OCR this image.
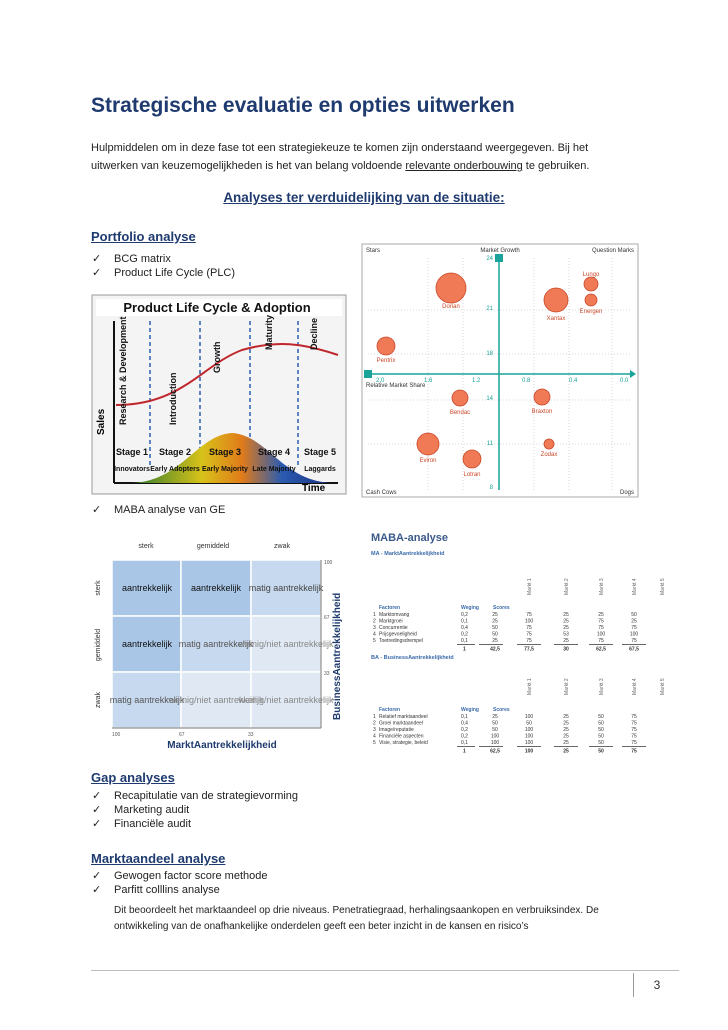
Strategische evaluatie en opties uitwerken
Hulpmiddelen om in deze fase tot een strategiekeuze te komen zijn onderstaand weergegeven. Bij het
uitwerken van keuzemogelijkheden is het van belang voldoende relevante onderbouwing te gebruiken.
Analyses ter verduidelijking van de situatie:
Portfolio analyse
✓ BCG matrix
✓ Product Life Cycle (PLC)
Product Life Cycle & Adoption
Sales
Time
Research & Development	Introduction
Growth
Maturity	Decline
Stage 1 Stage 2 Stage 3 Stage 4 Stage 5
Innovators Early Adopters Early Majority Late Majority Laggards
Stars	Question Marks
Cash Cows	Dogs
Market Growth
Relative Market Share
24
21
18
14
11
8
2.0	1.6	1.2	0.8	0.4	0.0
Dorian
Xantax
Lungo
Energen
Pentrix
Bendac	Braxton
Eviron
Lotran
Zodax
✓ MABA analyse van GE
sterk	gemiddeld	zwak
sterk
gemiddeld
zwak
aantrekkelijk aantrekkelijk matig aantrekkelijk
aantrekkelijk matig aantrekkelijk
weinig/niet aantrekkelijk
matig aantrekkelijk
weinig/niet aantrekkelijk
weinig/niet aantrekkelijk
100
67
33
100	67	33
BusinessAantrekkelijkheid
MarktAantrekkelijkheid
MABA-analyse
MA - MarktAantrekkelijkheid
Markt 1	Markt 2	Markt 3	Markt 4	Markt 5
Factoren	Weging	Scores
1 Marktomvang	0,2	25	75	25	25	50
2 Marktgroei	0,1	25	100	25	75	25
3 Concurrentie	0,4	50	75	25	75	75
4 Prijsgevoeligheid	0,2	50	75	53	100	100
5 Toetredingsdrempel	0,1	25	75	25	75	75
1	42,5	77,5	30	62,5	67,5
BA - BusinessAantrekkelijkheid
Markt 1	Markt 2	Markt 3	Markt 4	Markt 5
Factoren	Weging	Scores
1 Relatief marktaandeel	0,1	25	100	25	50	75
2 Groei marktaandeel	0,4	50	50	25	50	75
3 Image/reputatie	0,2	50	100	25	50	75
4 Financiële aspecten	0,2	100	100	25	50	75
5 Visie, strategie, beleid	0,1	100	100	25	50	75
1	62,5	100	25	50	75
Gap analyses
✓ Recapitulatie van de strategievorming
✓ Marketing audit
✓ Financiële audit
Marktaandeel analyse
✓ Gewogen factor score methode
✓ Parfitt colllins analyse
Dit beoordeelt het marktaandeel op drie niveaus. Penetratiegraad, herhalingsaankopen en verbruiksindex. De
ontwikkeling van de onafhankelijke onderdelen geeft een beter inzicht in de kansen en risico’s
3
